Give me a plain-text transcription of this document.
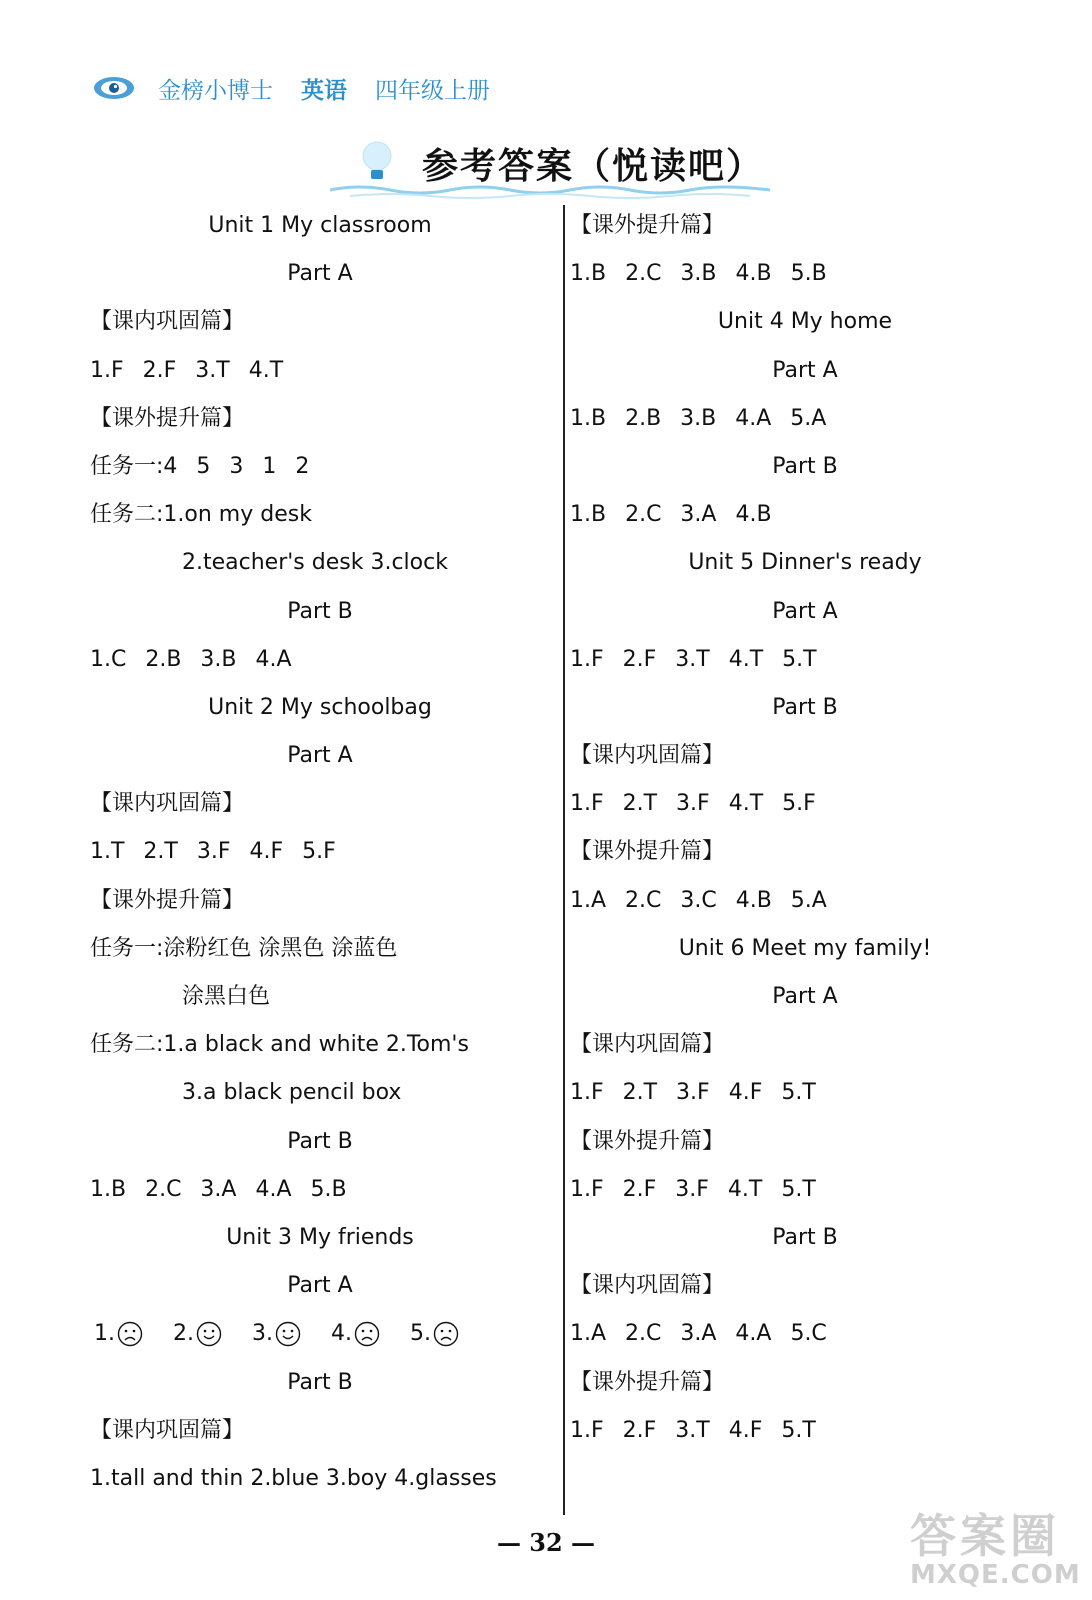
金榜小博士 英语 四年级上册
参考答案（悦读吧）
Unit 1 My classroom
Part A
【课内巩固篇】
1.F 2.F 3.T 4.T
【课外提升篇】
任务一:4 5 3 1 2
任务二:1.on my desk
2.teacher's desk 3.clock
Part B
1.C 2.B 3.B 4.A
Unit 2 My schoolbag
Part A
【课内巩固篇】
1.T 2.T 3.F 4.F 5.F
【课外提升篇】
任务一:涂粉红色 涂黑色 涂蓝色
涂黑白色
任务二:1.a black and white 2.Tom's
3.a black pencil box
Part B
1.B 2.C 3.A 4.A 5.B
Unit 3 My friends
Part A
1.	2.	3.	4.	5.
Part B
【课内巩固篇】
1.tall and thin 2.blue 3.boy 4.glasses
【课外提升篇】
1.B 2.C 3.B 4.B 5.B
Unit 4 My home
Part A
1.B 2.B 3.B 4.A 5.A
Part B
1.B 2.C 3.A 4.B
Unit 5 Dinner's ready
Part A
1.F 2.F 3.T 4.T 5.T
Part B
【课内巩固篇】
1.F 2.T 3.F 4.T 5.F
【课外提升篇】
1.A 2.C 3.C 4.B 5.A
Unit 6 Meet my family!
Part A
【课内巩固篇】
1.F 2.T 3.F 4.F 5.T
【课外提升篇】
1.F 2.F 3.F 4.T 5.T
Part B
【课内巩固篇】
1.A 2.C 3.A 4.A 5.C
【课外提升篇】
1.F 2.F 3.T 4.F 5.T
— 32 —	答案圈
MXQE.COM
